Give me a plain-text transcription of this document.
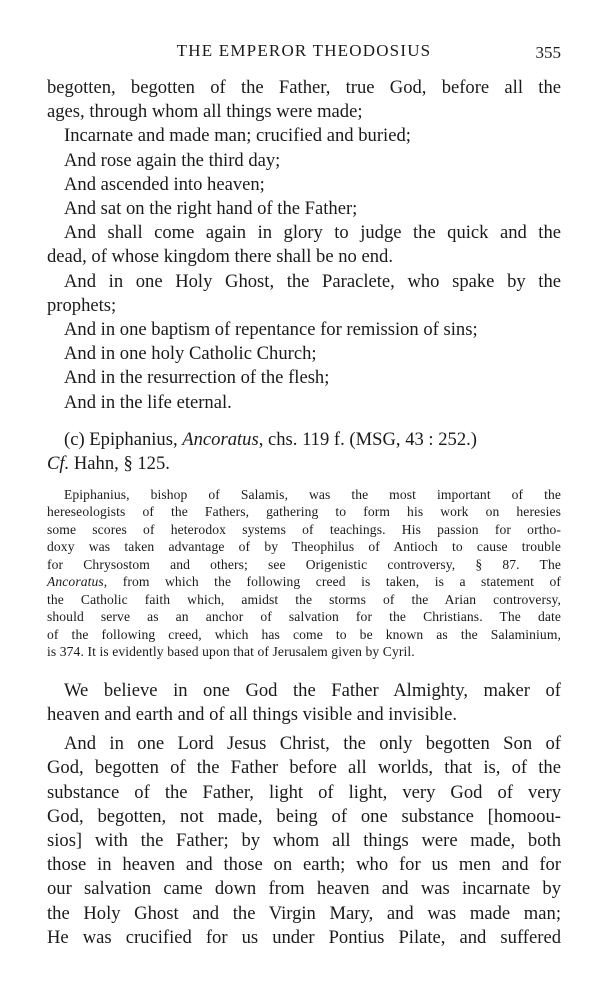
THE EMPEROR THEODOSIUS	355
begotten, begotten of the Father, true God, before all the
ages, through whom all things were made;
Incarnate and made man; crucified and buried;
And rose again the third day;
And ascended into heaven;
And sat on the right hand of the Father;
And shall come again in glory to judge the quick and the
dead, of whose kingdom there shall be no end.
And in one Holy Ghost, the Paraclete, who spake by the
prophets;
And in one baptism of repentance for remission of sins;
And in one holy Catholic Church;
And in the resurrection of the flesh;
And in the life eternal.
(c) Epiphanius, Ancoratus, chs. 119 f. (MSG, 43 : 252.)
Cf. Hahn, § 125.
Epiphanius, bishop of Salamis, was the most important of the
hereseologists of the Fathers, gathering to form his work on heresies
some scores of heterodox systems of teachings. His passion for ortho-
doxy was taken advantage of by Theophilus of Antioch to cause trouble
for Chrysostom and others; see Origenistic controversy, § 87. The
Ancoratus, from which the following creed is taken, is a statement of
the Catholic faith which, amidst the storms of the Arian controversy,
should serve as an anchor of salvation for the Christians. The date
of the following creed, which has come to be known as the Salaminium,
is 374. It is evidently based upon that of Jerusalem given by Cyril.
We believe in one God the Father Almighty, maker of
heaven and earth and of all things visible and invisible.
And in one Lord Jesus Christ, the only begotten Son of
God, begotten of the Father before all worlds, that is, of the
substance of the Father, light of light, very God of very
God, begotten, not made, being of one substance [homoou-
sios] with the Father; by whom all things were made, both
those in heaven and those on earth; who for us men and for
our salvation came down from heaven and was incarnate by
the Holy Ghost and the Virgin Mary, and was made man;
He was crucified for us under Pontius Pilate, and suffered
